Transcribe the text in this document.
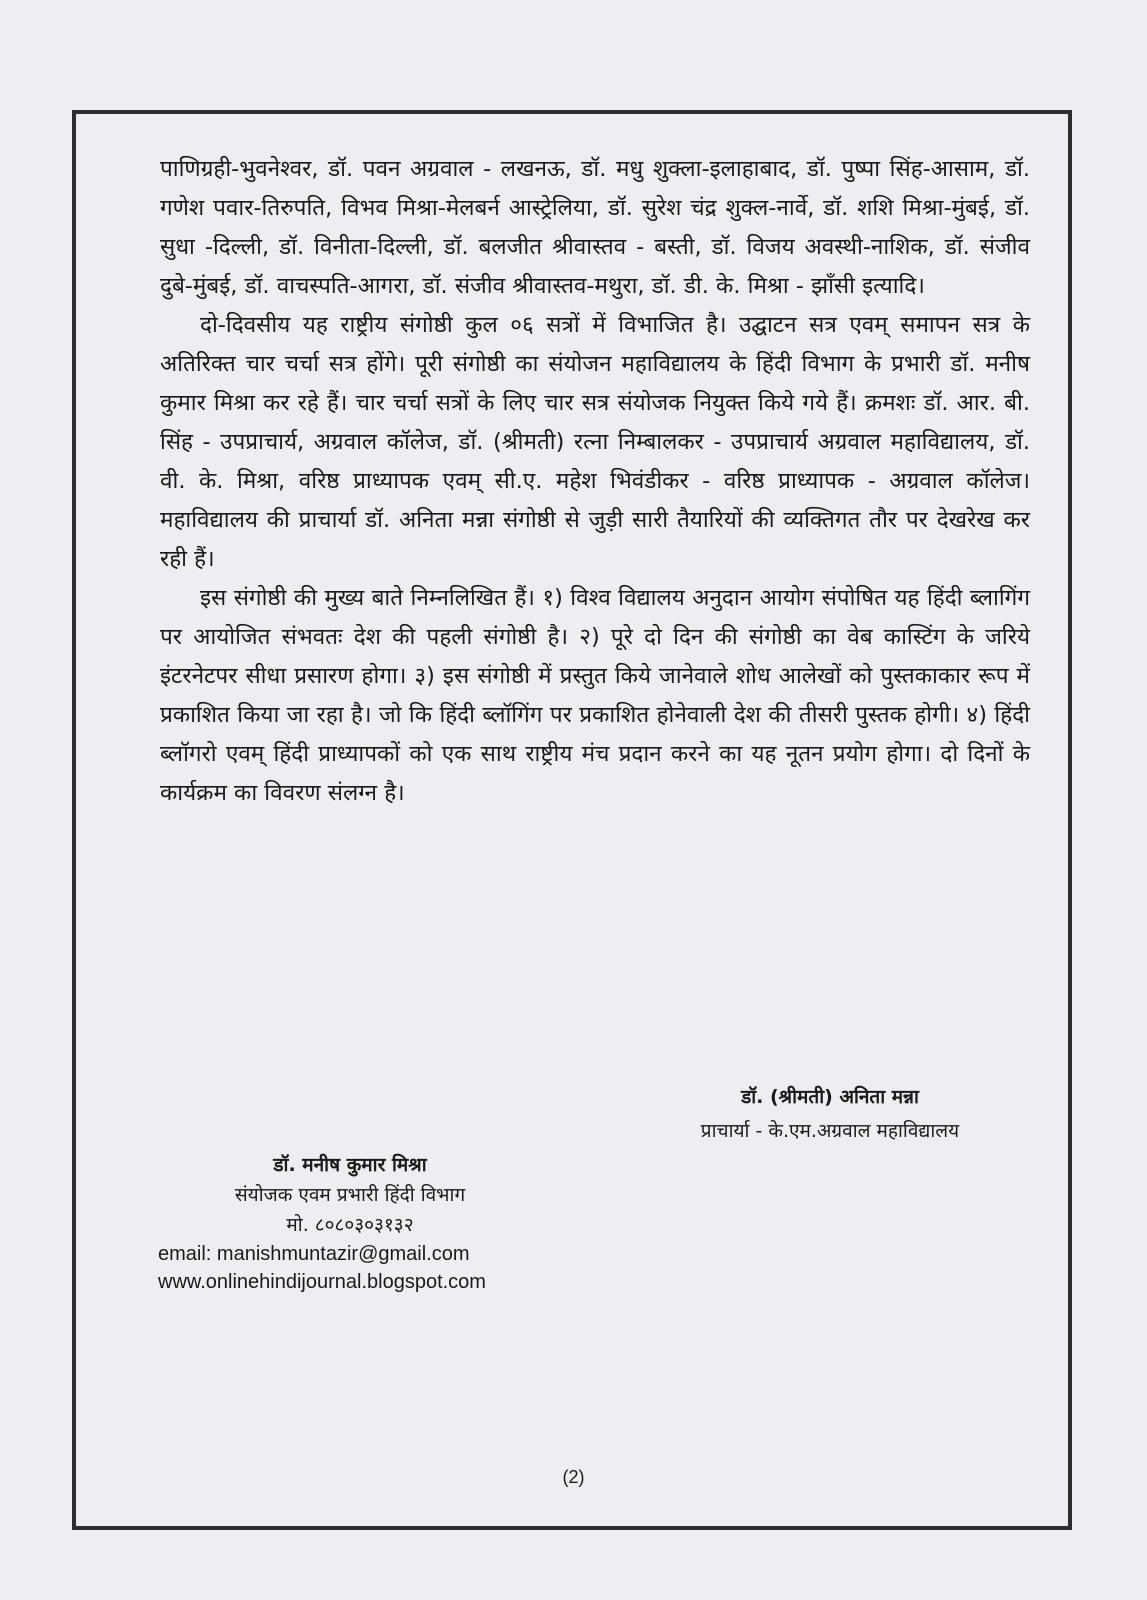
पाणिग्रही-भुवनेश्वर, डॉ. पवन अग्रवाल - लखनऊ, डॉ. मधु शुक्ला-इलाहाबाद, डॉ. पुष्पा सिंह-आसाम, डॉ. गणेश पवार-तिरुपति, विभव मिश्रा-मेलबर्न आस्ट्रेलिया, डॉ. सुरेश चंद्र शुक्ल-नार्वे, डॉ. शशि मिश्रा-मुंबई, डॉ. सुधा -दिल्ली, डॉ. विनीता-दिल्ली, डॉ. बलजीत श्रीवास्तव - बस्ती, डॉ. विजय अवस्थी-नाशिक, डॉ. संजीव दुबे-मुंबई, डॉ. वाचस्पति-आगरा, डॉ. संजीव श्रीवास्तव-मथुरा, डॉ. डी. के. मिश्रा - झाँसी इत्यादि।

दो-दिवसीय यह राष्ट्रीय संगोष्ठी कुल ०६ सत्रों में विभाजित है। उद्घाटन सत्र एवम् समापन सत्र के अतिरिक्त चार चर्चा सत्र होंगे। पूरी संगोष्ठी का संयोजन महाविद्यालय के हिंदी विभाग के प्रभारी डॉ. मनीष कुमार मिश्रा कर रहे हैं। चार चर्चा सत्रों के लिए चार सत्र संयोजक नियुक्त किये गये हैं। क्रमशः डॉ. आर. बी. सिंह - उपप्राचार्य, अग्रवाल कॉलेज, डॉ. (श्रीमती) रत्ना निम्बालकर - उपप्राचार्य अग्रवाल महाविद्यालय, डॉ. वी. के. मिश्रा, वरिष्ठ प्राध्यापक एवम् सी.ए. महेश भिवंडीकर - वरिष्ठ प्राध्यापक - अग्रवाल कॉलेज। महाविद्यालय की प्राचार्या डॉ. अनिता मन्ना संगोष्ठी से जुड़ी सारी तैयारियों की व्यक्तिगत तौर पर देखरेख कर रही हैं।

इस संगोष्ठी की मुख्य बाते निम्नलिखित हैं। १) विश्व विद्यालय अनुदान आयोग संपोषित यह हिंदी ब्लागिंग पर आयोजित संभवतः देश की पहली संगोष्ठी है। २) पूरे दो दिन की संगोष्ठी का वेब कास्टिंग के जरिये इंटरनेटपर सीधा प्रसारण होगा। ३) इस संगोष्ठी में प्रस्तुत किये जानेवाले शोध आलेखों को पुस्तकाकार रूप में प्रकाशित किया जा रहा है। जो कि हिंदी ब्लॉगिंग पर प्रकाशित होनेवाली देश की तीसरी पुस्तक होगी। ४) हिंदी ब्लॉगरो एवम् हिंदी प्राध्यापकों को एक साथ राष्ट्रीय मंच प्रदान करने का यह नूतन प्रयोग होगा। दो दिनों के कार्यक्रम का विवरण संलग्न है।

डॉ. (श्रीमती) अनिता मन्ना
प्राचार्या - के.एम.अग्रवाल महाविद्यालय
डॉ. मनीष कुमार मिश्रा
संयोजक एवम प्रभारी हिंदी विभाग
मो. ८०८०३०३१३२
email: manishmuntazir@gmail.com
www.onlinehindijournal.blogspot.com
(2)
